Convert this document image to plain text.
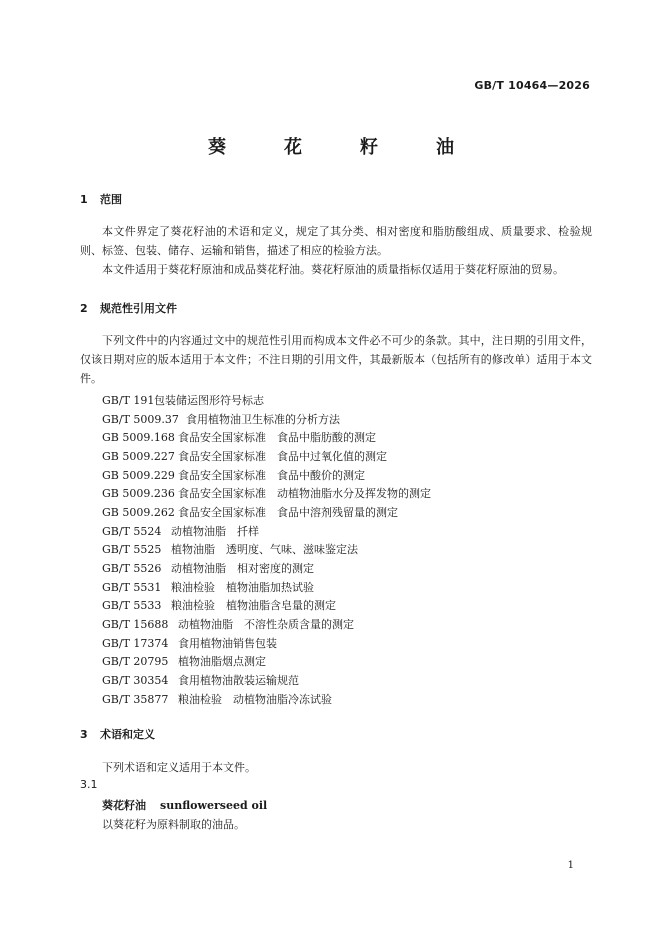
GB/T 10464—2026
葵　花　籽　油
1 范围

本文件界定了葵花籽油的术语和定义，规定了其分类、相对密度和脂肪酸组成、质量要求、检验规则、标签、包装、储存、运输和销售，描述了相应的检验方法。

本文件适用于葵花籽原油和成品葵花籽油。葵花籽原油的质量指标仅适用于葵花籽原油的贸易。

2 规范性引用文件

下列文件中的内容通过文中的规范性引用而构成本文件必不可少的条款。其中，注日期的引用文件，仅该日期对应的版本适用于本文件；不注日期的引用文件，其最新版本（包括所有的修改单）适用于本文件。

GB/T 191包装储运图形符号标志
GB/T 5009.37 食用植物油卫生标准的分析方法
GB 5009.168 食品安全国家标准　食品中脂肪酸的测定
GB 5009.227 食品安全国家标准　食品中过氧化值的测定
GB 5009.229 食品安全国家标准　食品中酸价的测定
GB 5009.236 食品安全国家标准　动植物油脂水分及挥发物的测定
GB 5009.262 食品安全国家标准　食品中溶剂残留量的测定
GB/T 5524 动植物油脂　扦样
GB/T 5525 植物油脂　透明度、气味、滋味鉴定法
GB/T 5526 动植物油脂　相对密度的测定
GB/T 5531 粮油检验　植物油脂加热试验
GB/T 5533 粮油检验　植物油脂含皂量的测定
GB/T 15688 动植物油脂　不溶性杂质含量的测定
GB/T 17374 食用植物油销售包装
GB/T 20795 植物油脂烟点测定
GB/T 30354 食用植物油散装运输规范
GB/T 35877 粮油检验　动植物油脂冷冻试验
3 术语和定义
下列术语和定义适用于本文件。
3.1
葵花籽油 sunflowerseed oil
以葵花籽为原料制取的油品。
1
